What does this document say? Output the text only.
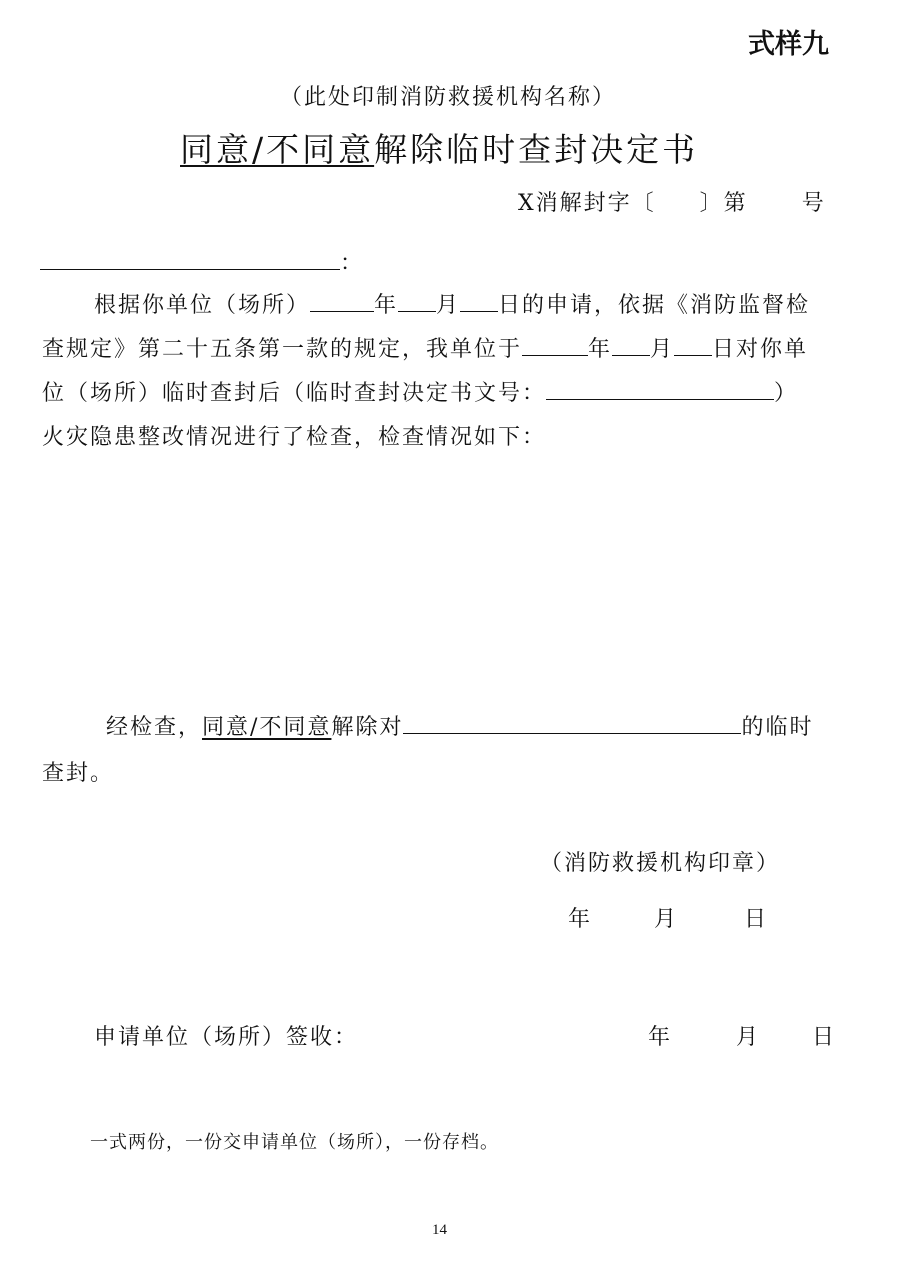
式样九
（此处印制消防救援机构名称）
同意/不同意解除临时查封决定书
X消解封字〔 〕第 号
：
根据你单位（场所）	年 月 日的申请，依据《消防监督检
查规定》第二十五条第一款的规定，我单位于	年 月 日对你单
位（场所）临时查封后（临时查封决定书文号：	）
火灾隐患整改情况进行了检查，检查情况如下：
经检查，同意/不同意解除对	的临时
查封。
（消防救援机构印章）
年	月	日
申请单位（场所）签收：	年	月 日
一式两份，一份交申请单位（场所），一份存档。
14
